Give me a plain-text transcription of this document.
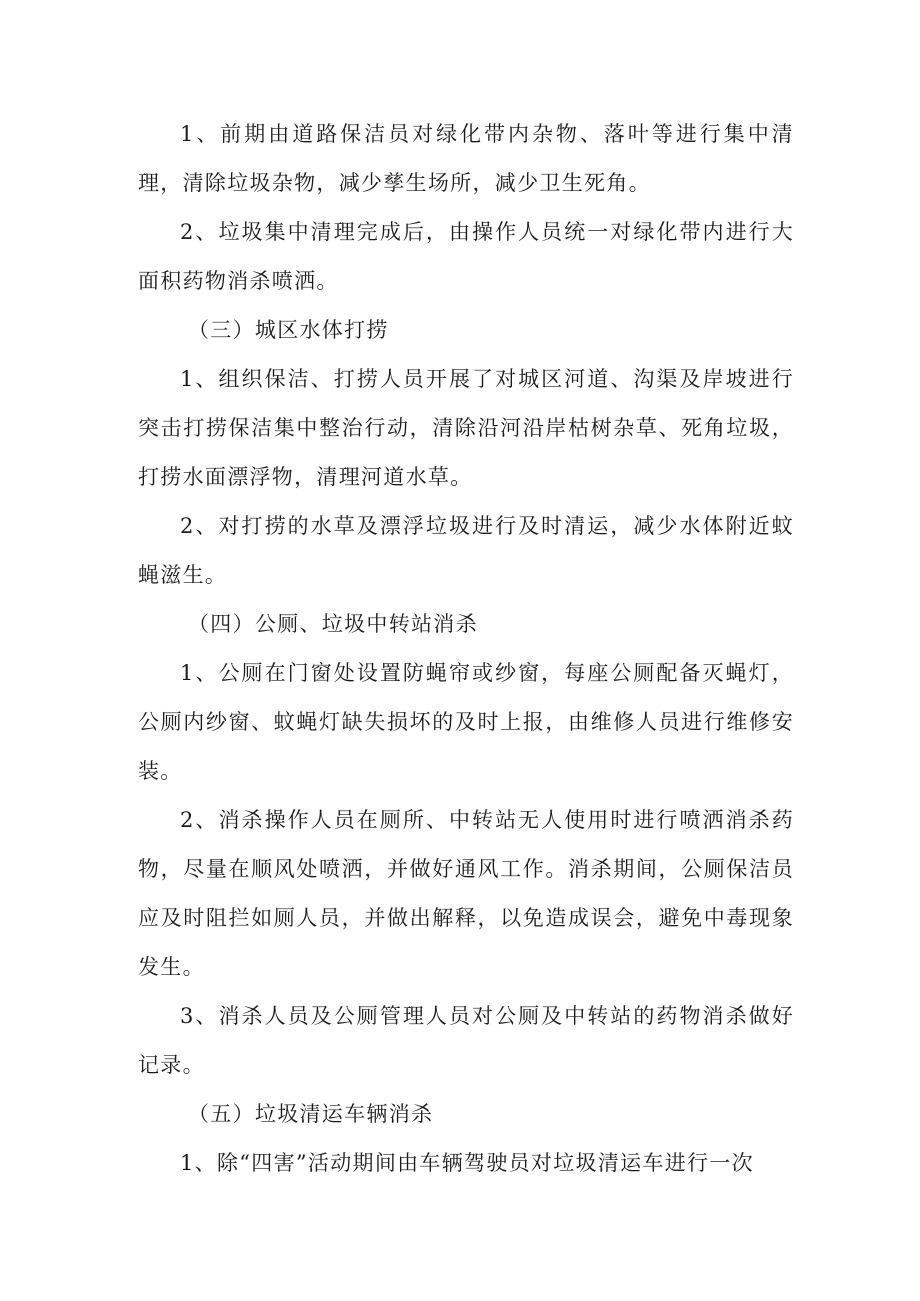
1、前期由道路保洁员对绿化带内杂物、落叶等进行集中清理，清除垃圾杂物，减少孳生场所，减少卫生死角。

2、垃圾集中清理完成后，由操作人员统一对绿化带内进行大面积药物消杀喷洒。

（三）城区水体打捞

1、组织保洁、打捞人员开展了对城区河道、沟渠及岸坡进行突击打捞保洁集中整治行动，清除沿河沿岸枯树杂草、死角垃圾，打捞水面漂浮物，清理河道水草。

2、对打捞的水草及漂浮垃圾进行及时清运，减少水体附近蚊蝇滋生。

（四）公厕、垃圾中转站消杀

1、公厕在门窗处设置防蝇帘或纱窗，每座公厕配备灭蝇灯，公厕内纱窗、蚊蝇灯缺失损坏的及时上报，由维修人员进行维修安装。

2、消杀操作人员在厕所、中转站无人使用时进行喷洒消杀药物，尽量在顺风处喷洒，并做好通风工作。消杀期间，公厕保洁员应及时阻拦如厕人员，并做出解释，以免造成误会，避免中毒现象发生。

3、消杀人员及公厕管理人员对公厕及中转站的药物消杀做好记录。

（五）垃圾清运车辆消杀

1、除“四害”活动期间由车辆驾驶员对垃圾清运车进行一次
